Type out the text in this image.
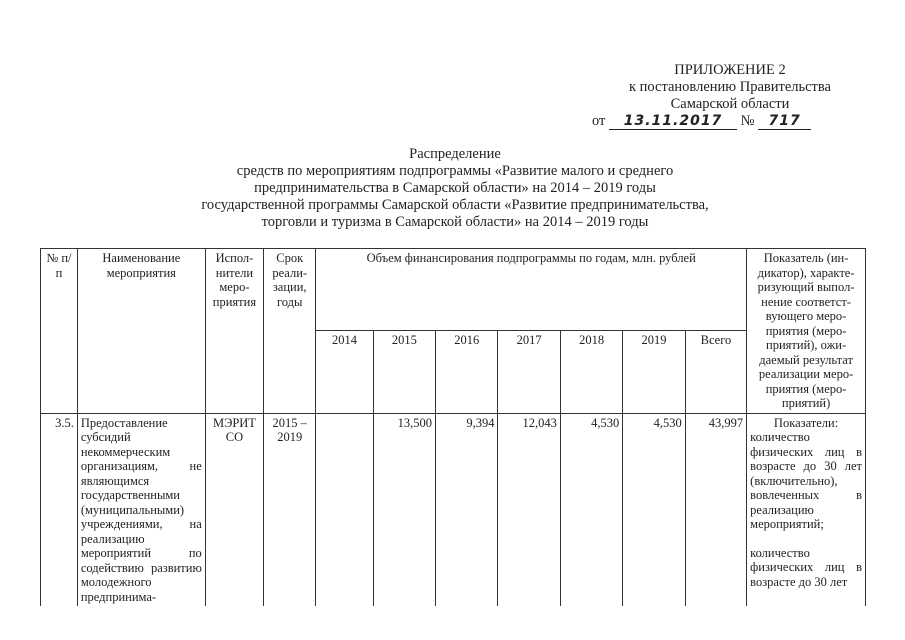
ПРИЛОЖЕНИЕ 2
к постановлению Правительства
Самарской области
от 13.11.2017 № 717
Распределение
средств по мероприятиям подпрограммы «Развитие малого и среднего
предпринимательства в Самарской области» на 2014 – 2019 годы
государственной программы Самарской области «Развитие предпринимательства,
торговли и туризма в Самарской области» на 2014 – 2019 годы
№ п/п	Наименование мероприятия	Испол-нители меро-приятия	Срок реали-зации, годы	Объем финансирования подпрограммы по годам, млн. рублей							Показатель (ин-дикатор), характе-ризующий выпол-нение соответст-вующего меро-приятия (меро-приятий), ожи-даемый результат реализации меро-приятия (меро-приятий)
				2014	2015	2016	2017	2018	2019	Всего	
3.5.	Предоставление субсидий некоммерческим организациям, не являющимся государственными (муниципальными) учреждениями, на реализацию мероприятий по содействию развитию молодежного предпринима-	МЭРИТ СО	2015 – 2019		13,500	9,394	12,043	4,530	4,530	43,997	Показатели:
количество физических лиц в возрасте до 30 лет (включительно), вовлеченных в реализацию мероприятий;
количество физических лиц в возрасте до 30 лет
